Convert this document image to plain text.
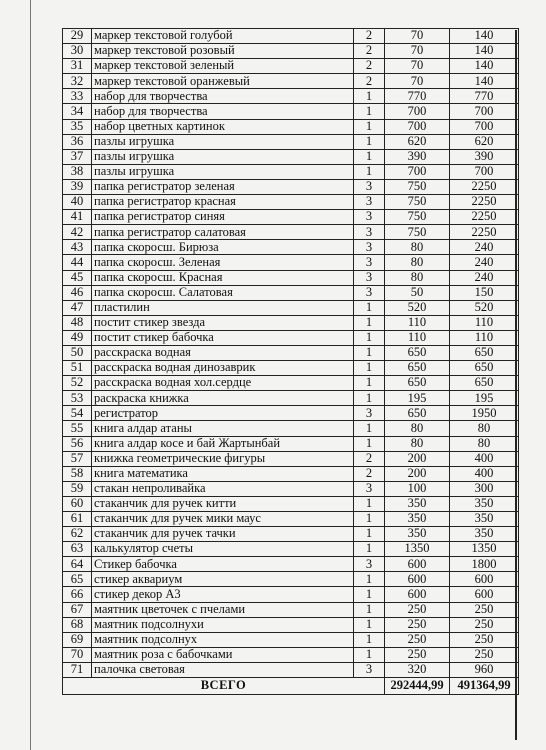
29	маркер текстовой голубой	2	70	140
30	маркер текстовой розовый	2	70	140
31	маркер текстовой зеленый	2	70	140
32	маркер текстовой оранжевый	2	70	140
33	набор для творчества	1	770	770
34	набор для творчества	1	700	700
35	набор цветных картинок	1	700	700
36	пазлы игрушка	1	620	620
37	пазлы игрушка	1	390	390
38	пазлы игрушка	1	700	700
39	папка регистратор зеленая	3	750	2250
40	папка регистратор красная	3	750	2250
41	папка регистратор синяя	3	750	2250
42	папка регистратор салатовая	3	750	2250
43	папка скоросш. Бирюза	3	80	240
44	папка скоросш. Зеленая	3	80	240
45	папка скоросш. Красная	3	80	240
46	папка скоросш. Салатовая	3	50	150
47	пластилин	1	520	520
48	постит стикер звезда	1	110	110
49	постит стикер бабочка	1	110	110
50	расскраска водная	1	650	650
51	расскраска водная динозаврик	1	650	650
52	расскраска водная хол.сердце	1	650	650
53	раскраска книжка	1	195	195
54	регистратор	3	650	1950
55	книга алдар атаны	1	80	80
56	книга алдар косе и бай Жартынбай	1	80	80
57	книжка геометрические фигуры	2	200	400
58	книга математика	2	200	400
59	стакан непроливайка	3	100	300
60	стаканчик для ручек китти	1	350	350
61	стаканчик для ручек мики маус	1	350	350
62	стаканчик для ручек тачки	1	350	350
63	калькулятор счеты	1	1350	1350
64	Стикер бабочка	3	600	1800
65	стикер аквариум	1	600	600
66	стикер декор А3	1	600	600
67	маятник цветочек с пчелами	1	250	250
68	маятник подсолнухи	1	250	250
69	маятник подсолнух	1	250	250
70	маятник роза с бабочками	1	250	250
71	палочка световая	3	320	960
ВСЕГО			292444,99	491364,99
